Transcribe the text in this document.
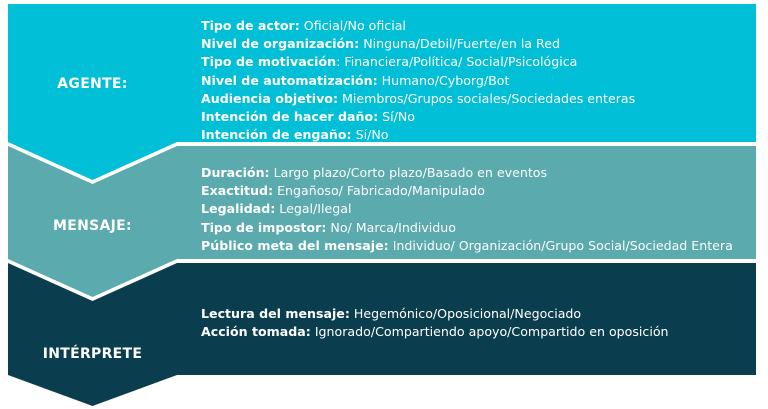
AGENTE:
Tipo de actor: Oficial/No oficial
Nivel de organización: Ninguna/Debil/Fuerte/en la Red
Tipo de motivación: Financiera/Política/ Social/Psicológica
Nivel de automatización: Humano/Cyborg/Bot
Audiencia objetivo: Miembros/Grupos sociales/Sociedades enteras
Intención de hacer daño: Sí/No
Intención de engaño: Sí/No
MENSAJE:
Duración: Largo plazo/Corto plazo/Basado en eventos
Exactitud: Engañoso/ Fabricado/Manipulado
Legalidad: Legal/Ilegal
Tipo de impostor: No/ Marca/Individuo
Público meta del mensaje: Individuo/ Organización/Grupo Social/Sociedad Entera
INTÉRPRETE
Lectura del mensaje: Hegemónico/Oposicional/Negociado
Acción tomada: Ignorado/Compartiendo apoyo/Compartido en oposición
